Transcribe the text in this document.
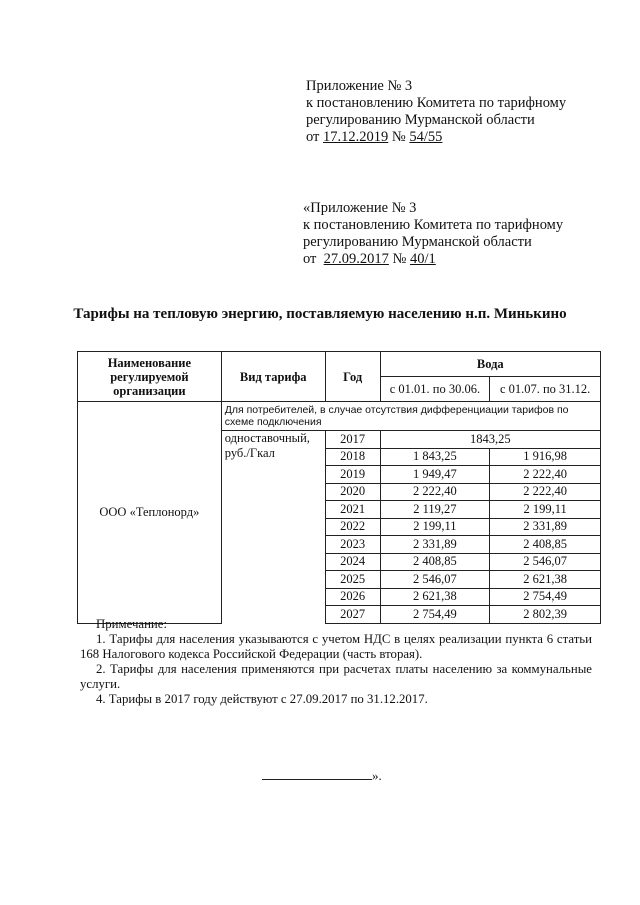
Приложение № 3
к постановлению Комитета по тарифному
регулированию Мурманской области
от 17.12.2019 № 54/55
«Приложение № 3
к постановлению Комитета по тарифному
регулированию Мурманской области
от 27.09.2017 № 40/1
Тарифы на тепловую энергию, поставляемую населению н.п. Минькино
Наименование регулируемой организации	Вид тарифа	Год	Вода	
			с 01.01. по 30.06.	с 01.07. по 31.12.
ООО «Теплонорд»	Для потребителей, в случае отсутствия дифференциации тарифов по схеме подключения			
	одноставочный, руб./Гкал	2017	1843,25	
		2018	1 843,25	1 916,98
		2019	1 949,47	2 222,40
		2020	2 222,40	2 222,40
		2021	2 119,27	2 199,11
		2022	2 199,11	2 331,89
		2023	2 331,89	2 408,85
		2024	2 408,85	2 546,07
		2025	2 546,07	2 621,38
		2026	2 621,38	2 754,49
		2027	2 754,49	2 802,39
Примечание:
1. Тарифы для населения указываются с учетом НДС в целях реализации пункта 6 статьи 168 Налогового кодекса Российской Федерации (часть вторая).
2. Тарифы для населения применяются при расчетах платы населению за коммунальные услуги.
4. Тарифы в 2017 году действуют с 27.09.2017 по 31.12.2017.
».
